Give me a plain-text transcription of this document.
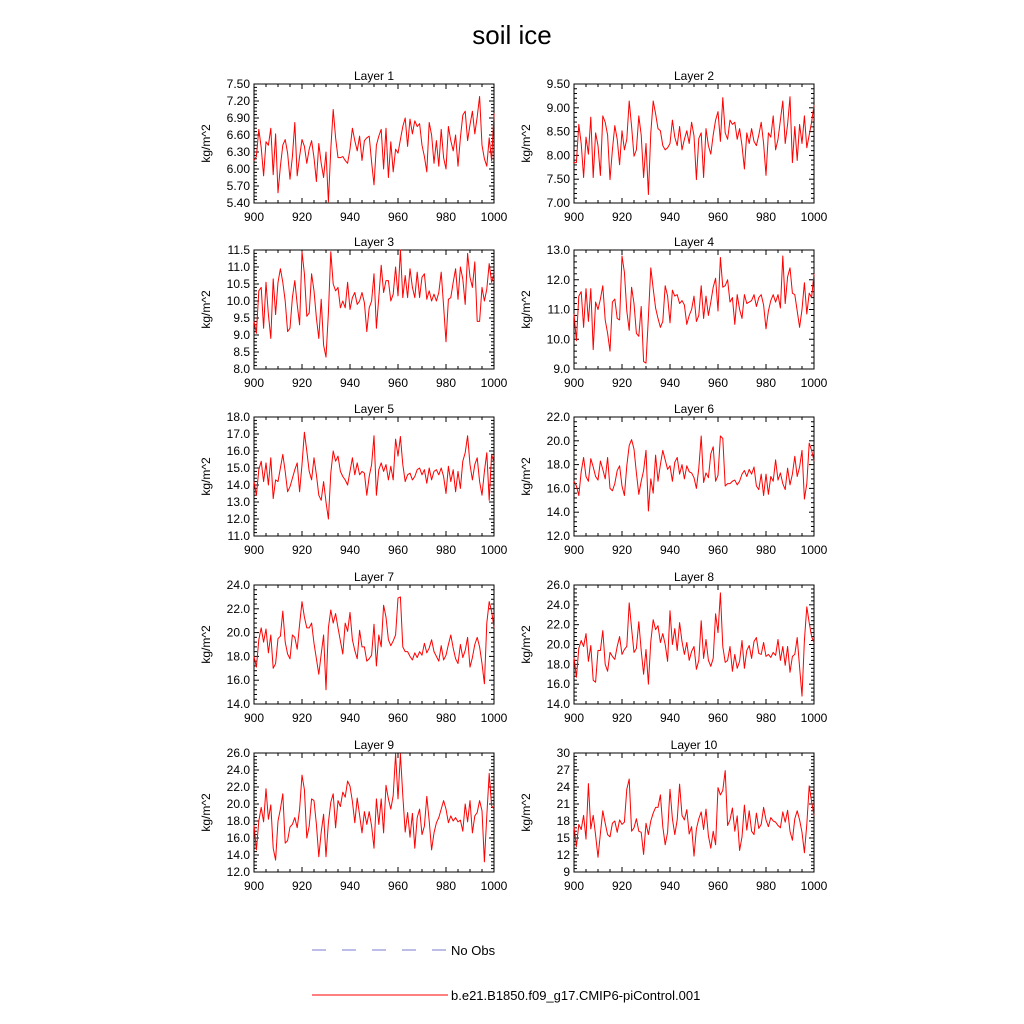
soil ice
Layer 1
kg/m^2
5.40
5.70
6.00
6.30
6.60
6.90
7.20
7.50
900 920 940 960 980 1000
Layer 2
kg/m^2
7.00
7.50
8.00
8.50
9.00
9.50
900 920 940 960 980 1000
Layer 3
kg/m^2
8.0
8.5
9.0
9.5
10.0
10.5
11.0
11.5
900 920 940 960 980 1000
Layer 4
kg/m^2
9.0
10.0
11.0
12.0
13.0
900 920 940 960 980 1000
Layer 5
kg/m^2
11.0
12.0
13.0
14.0
15.0
16.0
17.0
18.0
900 920 940 960 980 1000
Layer 6
kg/m^2
12.0
14.0
16.0
18.0
20.0
22.0
900 920 940 960 980 1000
Layer 7
kg/m^2
14.0
16.0
18.0
20.0
22.0
24.0
900 920 940 960 980 1000
Layer 8
kg/m^2
14.0
16.0
18.0
20.0
22.0
24.0
26.0
900 920 940 960 980 1000
Layer 9
kg/m^2
12.0
14.0
16.0
18.0
20.0
22.0
24.0
26.0
900 920 940 960 980 1000
Layer 10
kg/m^2
9
12
15
18
21
24
27
30
900 920 940 960 980 1000
No Obs
b.e21.B1850.f09_g17.CMIP6-piControl.001
